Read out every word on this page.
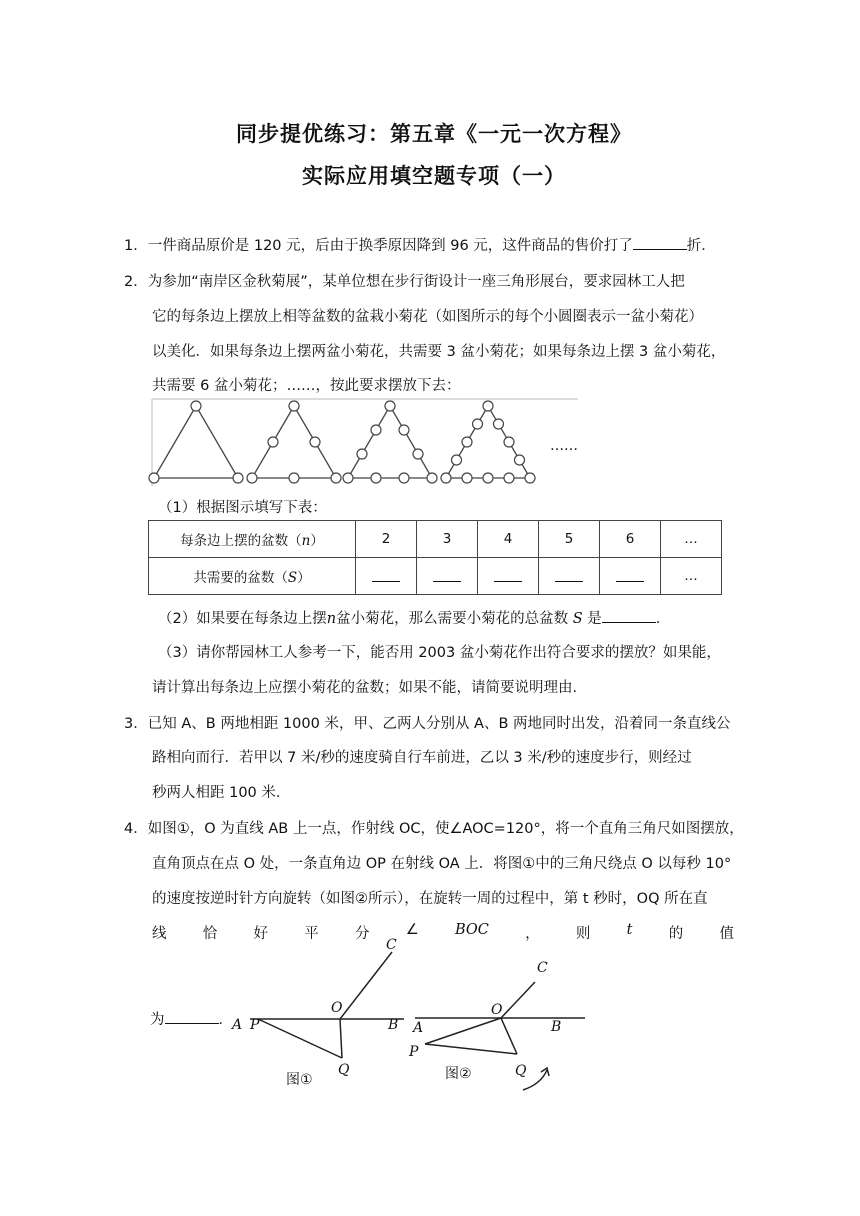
同步提优练习：第五章《一元一次方程》
实际应用填空题专项（一）
1．一件商品原价是 120 元，后由于换季原因降到 96 元，这件商品的售价打了	折．
2．为参加“南岸区金秋菊展”，某单位想在步行街设计一座三角形展台，要求园林工人把
它的每条边上摆放上相等盆数的盆栽小菊花（如图所示的每个小圆圈表示一盆小菊花）
以美化．如果每条边上摆两盆小菊花，共需要 3 盆小菊花；如果每条边上摆 3 盆小菊花，
共需要 6 盆小菊花；……，按此要求摆放下去：
……
（1）根据图示填写下表：
每条边上摆的盆数（n）	2	3	4	5	6	…
共需要的盆数（S）						…
（2）如果要在每条边上摆n盆小菊花，那么需要小菊花的总盆数 S 是	．
（3）请你帮园林工人参考一下，能否用 2003 盆小菊花作出符合要求的摆放？如果能，
请计算出每条边上应摆小菊花的盆数；如果不能，请简要说明理由．
3．已知 A、B 两地相距 1000 米，甲、乙两人分别从 A、B 两地同时出发，沿着同一条直线公
路相向而行．若甲以 7 米/秒的速度骑自行车前进，乙以 3 米/秒的速度步行，则经过
秒两人相距 100 米．
4．如图①，O 为直线 AB 上一点，作射线 OC，使∠AOC=120°，将一个直角三角尺如图摆放，
直角顶点在点 O 处，一条直角边 OP 在射线 OA 上．将图①中的三角尺绕点 O 以每秒 10°
的速度按逆时针方向旋转（如图②所示），在旋转一周的过程中，第 t 秒时，OQ 所在直
线	恰	好	平	分	∠	BOC	，	则	t	的	值
为	． A P
O
B
C
Q
图①
A
P
O
B
C
Q
图②
